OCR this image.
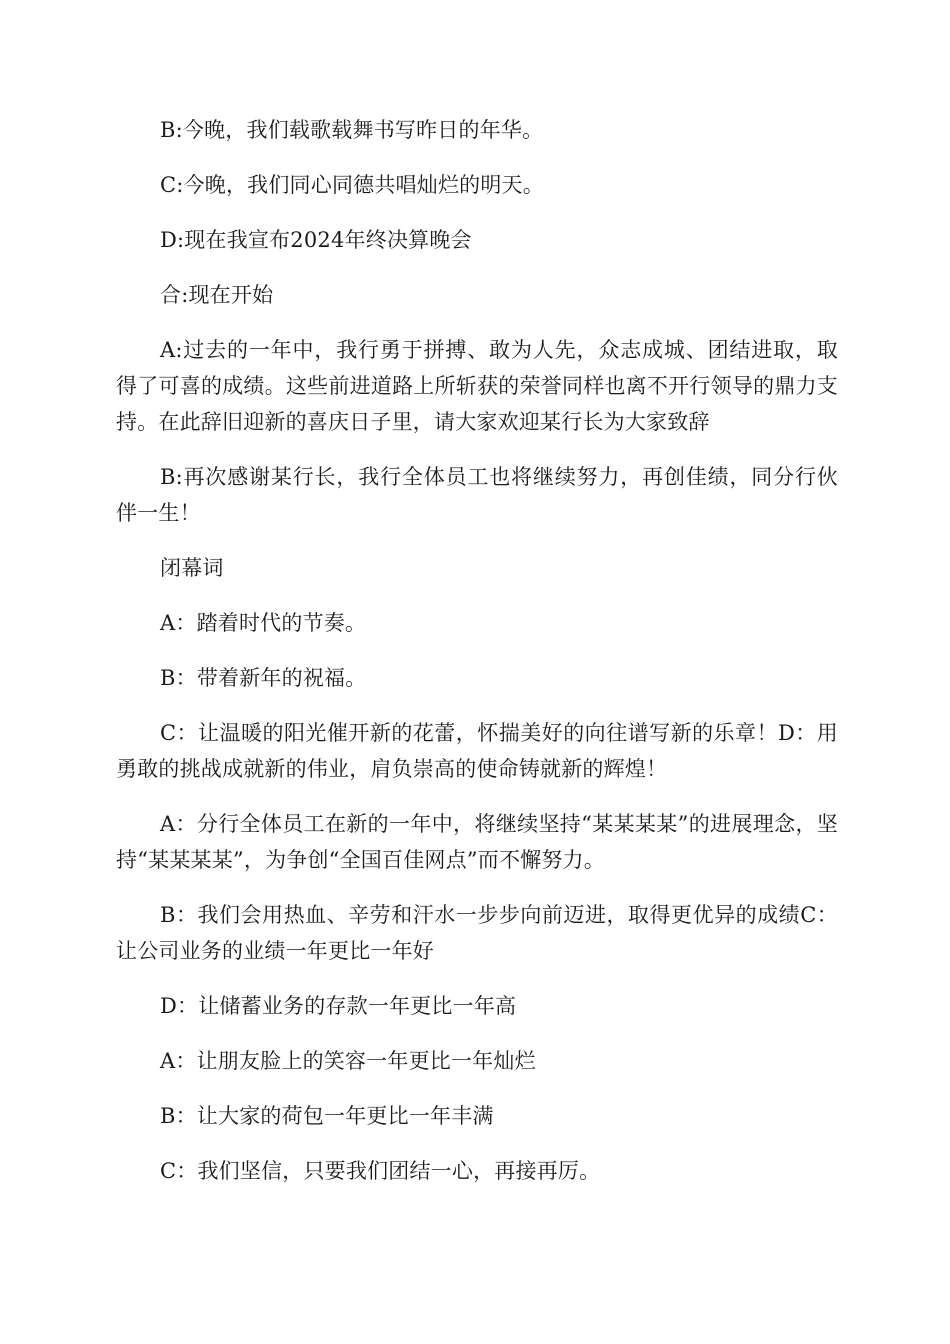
B:今晚，我们载歌载舞书写昨日的年华。

C:今晚，我们同心同德共唱灿烂的明天。

D:现在我宣布2024年终决算晚会

合:现在开始

A:过去的一年中，我行勇于拼搏、敢为人先，众志成城、团结进取，取得了可喜的成绩。这些前进道路上所斩获的荣誉同样也离不开行领导的鼎力支持。在此辞旧迎新的喜庆日子里，请大家欢迎某行长为大家致辞

B:再次感谢某行长，我行全体员工也将继续努力，再创佳绩，同分行伙伴一生！

闭幕词

A：踏着时代的节奏。

B：带着新年的祝福。

C：让温暖的阳光催开新的花蕾，怀揣美好的向往谱写新的乐章！D：用勇敢的挑战成就新的伟业，肩负崇高的使命铸就新的辉煌！

A：分行全体员工在新的一年中，将继续坚持“某某某某”的进展理念，坚持“某某某某”，为争创“全国百佳网点”而不懈努力。

B：我们会用热血、辛劳和汗水一步步向前迈进，取得更优异的成绩C：让公司业务的业绩一年更比一年好

D：让储蓄业务的存款一年更比一年高

A：让朋友脸上的笑容一年更比一年灿烂

B：让大家的荷包一年更比一年丰满

C：我们坚信，只要我们团结一心，再接再厉。
